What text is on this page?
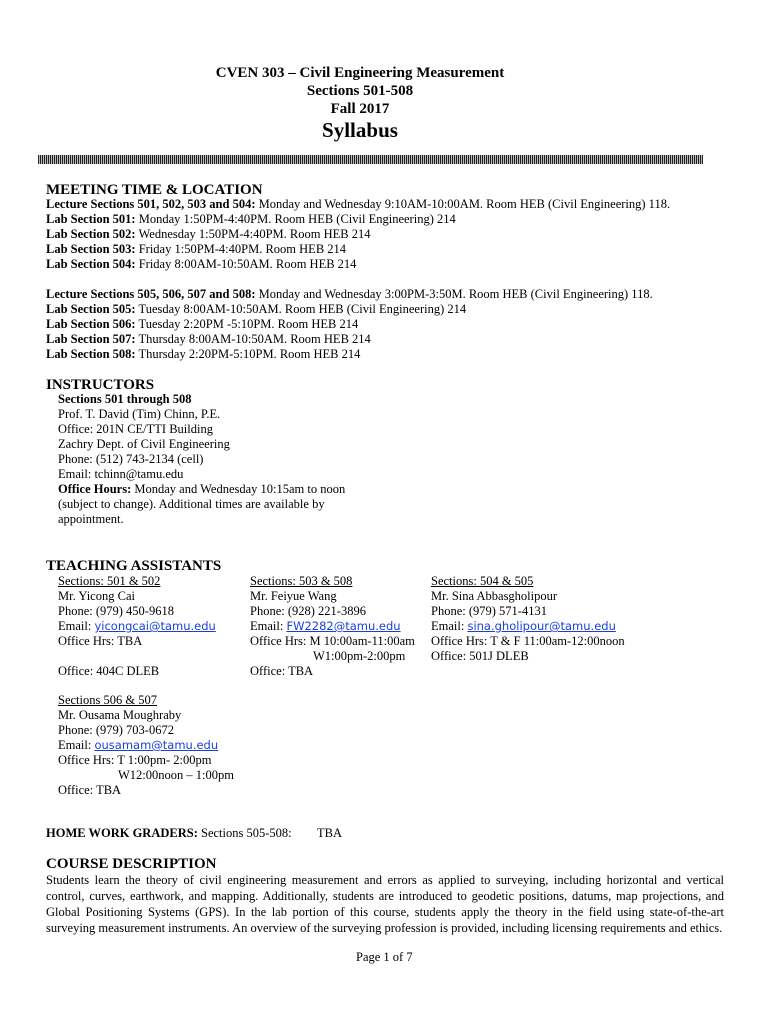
CVEN 303 – Civil Engineering Measurement
Sections 501-508
Fall 2017
Syllabus
MEETING TIME & LOCATION
Lecture Sections 501, 502, 503 and 504: Monday and Wednesday 9:10AM-10:00AM. Room HEB (Civil Engineering) 118.
Lab Section 501: Monday 1:50PM-4:40PM. Room HEB (Civil Engineering) 214
Lab Section 502: Wednesday 1:50PM-4:40PM. Room HEB 214
Lab Section 503: Friday 1:50PM-4:40PM. Room HEB 214
Lab Section 504: Friday 8:00AM-10:50AM. Room HEB 214
Lecture Sections 505, 506, 507 and 508: Monday and Wednesday 3:00PM-3:50M. Room HEB (Civil Engineering) 118.
Lab Section 505: Tuesday 8:00AM-10:50AM. Room HEB (Civil Engineering) 214
Lab Section 506: Tuesday 2:20PM -5:10PM. Room HEB 214
Lab Section 507: Thursday 8:00AM-10:50AM. Room HEB 214
Lab Section 508: Thursday 2:20PM-5:10PM. Room HEB 214
INSTRUCTORS
Sections 501 through 508
Prof. T. David (Tim) Chinn, P.E.
Office: 201N CE/TTI Building
Zachry Dept. of Civil Engineering
Phone: (512) 743-2134 (cell)
Email: tchinn@tamu.edu
Office Hours: Monday and Wednesday 10:15am to noon
(subject to change). Additional times are available by
appointment.
TEACHING ASSISTANTS
Sections: 501 & 502
Mr. Yicong Cai
Phone: (979) 450-9618
Email: yicongcai@tamu.edu
Office Hrs: TBA
Office: 404C DLEB
Sections: 503 & 508
Mr. Feiyue Wang
Phone: (928) 221-3896
Email: FW2282@tamu.edu
Office Hrs: M 10:00am-11:00am
W1:00pm-2:00pm
Office: TBA
Sections: 504 & 505
Mr. Sina Abbasgholipour
Phone: (979) 571-4131
Email: sina.gholipour@tamu.edu
Office Hrs: T & F 11:00am-12:00noon
Office: 501J DLEB
Sections 506 & 507
Mr. Ousama Moughraby
Phone: (979) 703-0672
Email: ousamam@tamu.edu
Office Hrs: T 1:00pm- 2:00pm
W12:00noon – 1:00pm
Office: TBA
HOME WORK GRADERS: Sections 505-508: TBA
COURSE DESCRIPTION
Students learn the theory of civil engineering measurement and errors as applied to surveying, including horizontal and vertical control, curves, earthwork, and mapping. Additionally, students are introduced to geodetic positions, datums, map projections, and Global Positioning Systems (GPS). In the lab portion of this course, students apply the theory in the field using state-of-the-art surveying measurement instruments. An overview of the surveying profession is provided, including licensing requirements and ethics.
Page 1 of 7
